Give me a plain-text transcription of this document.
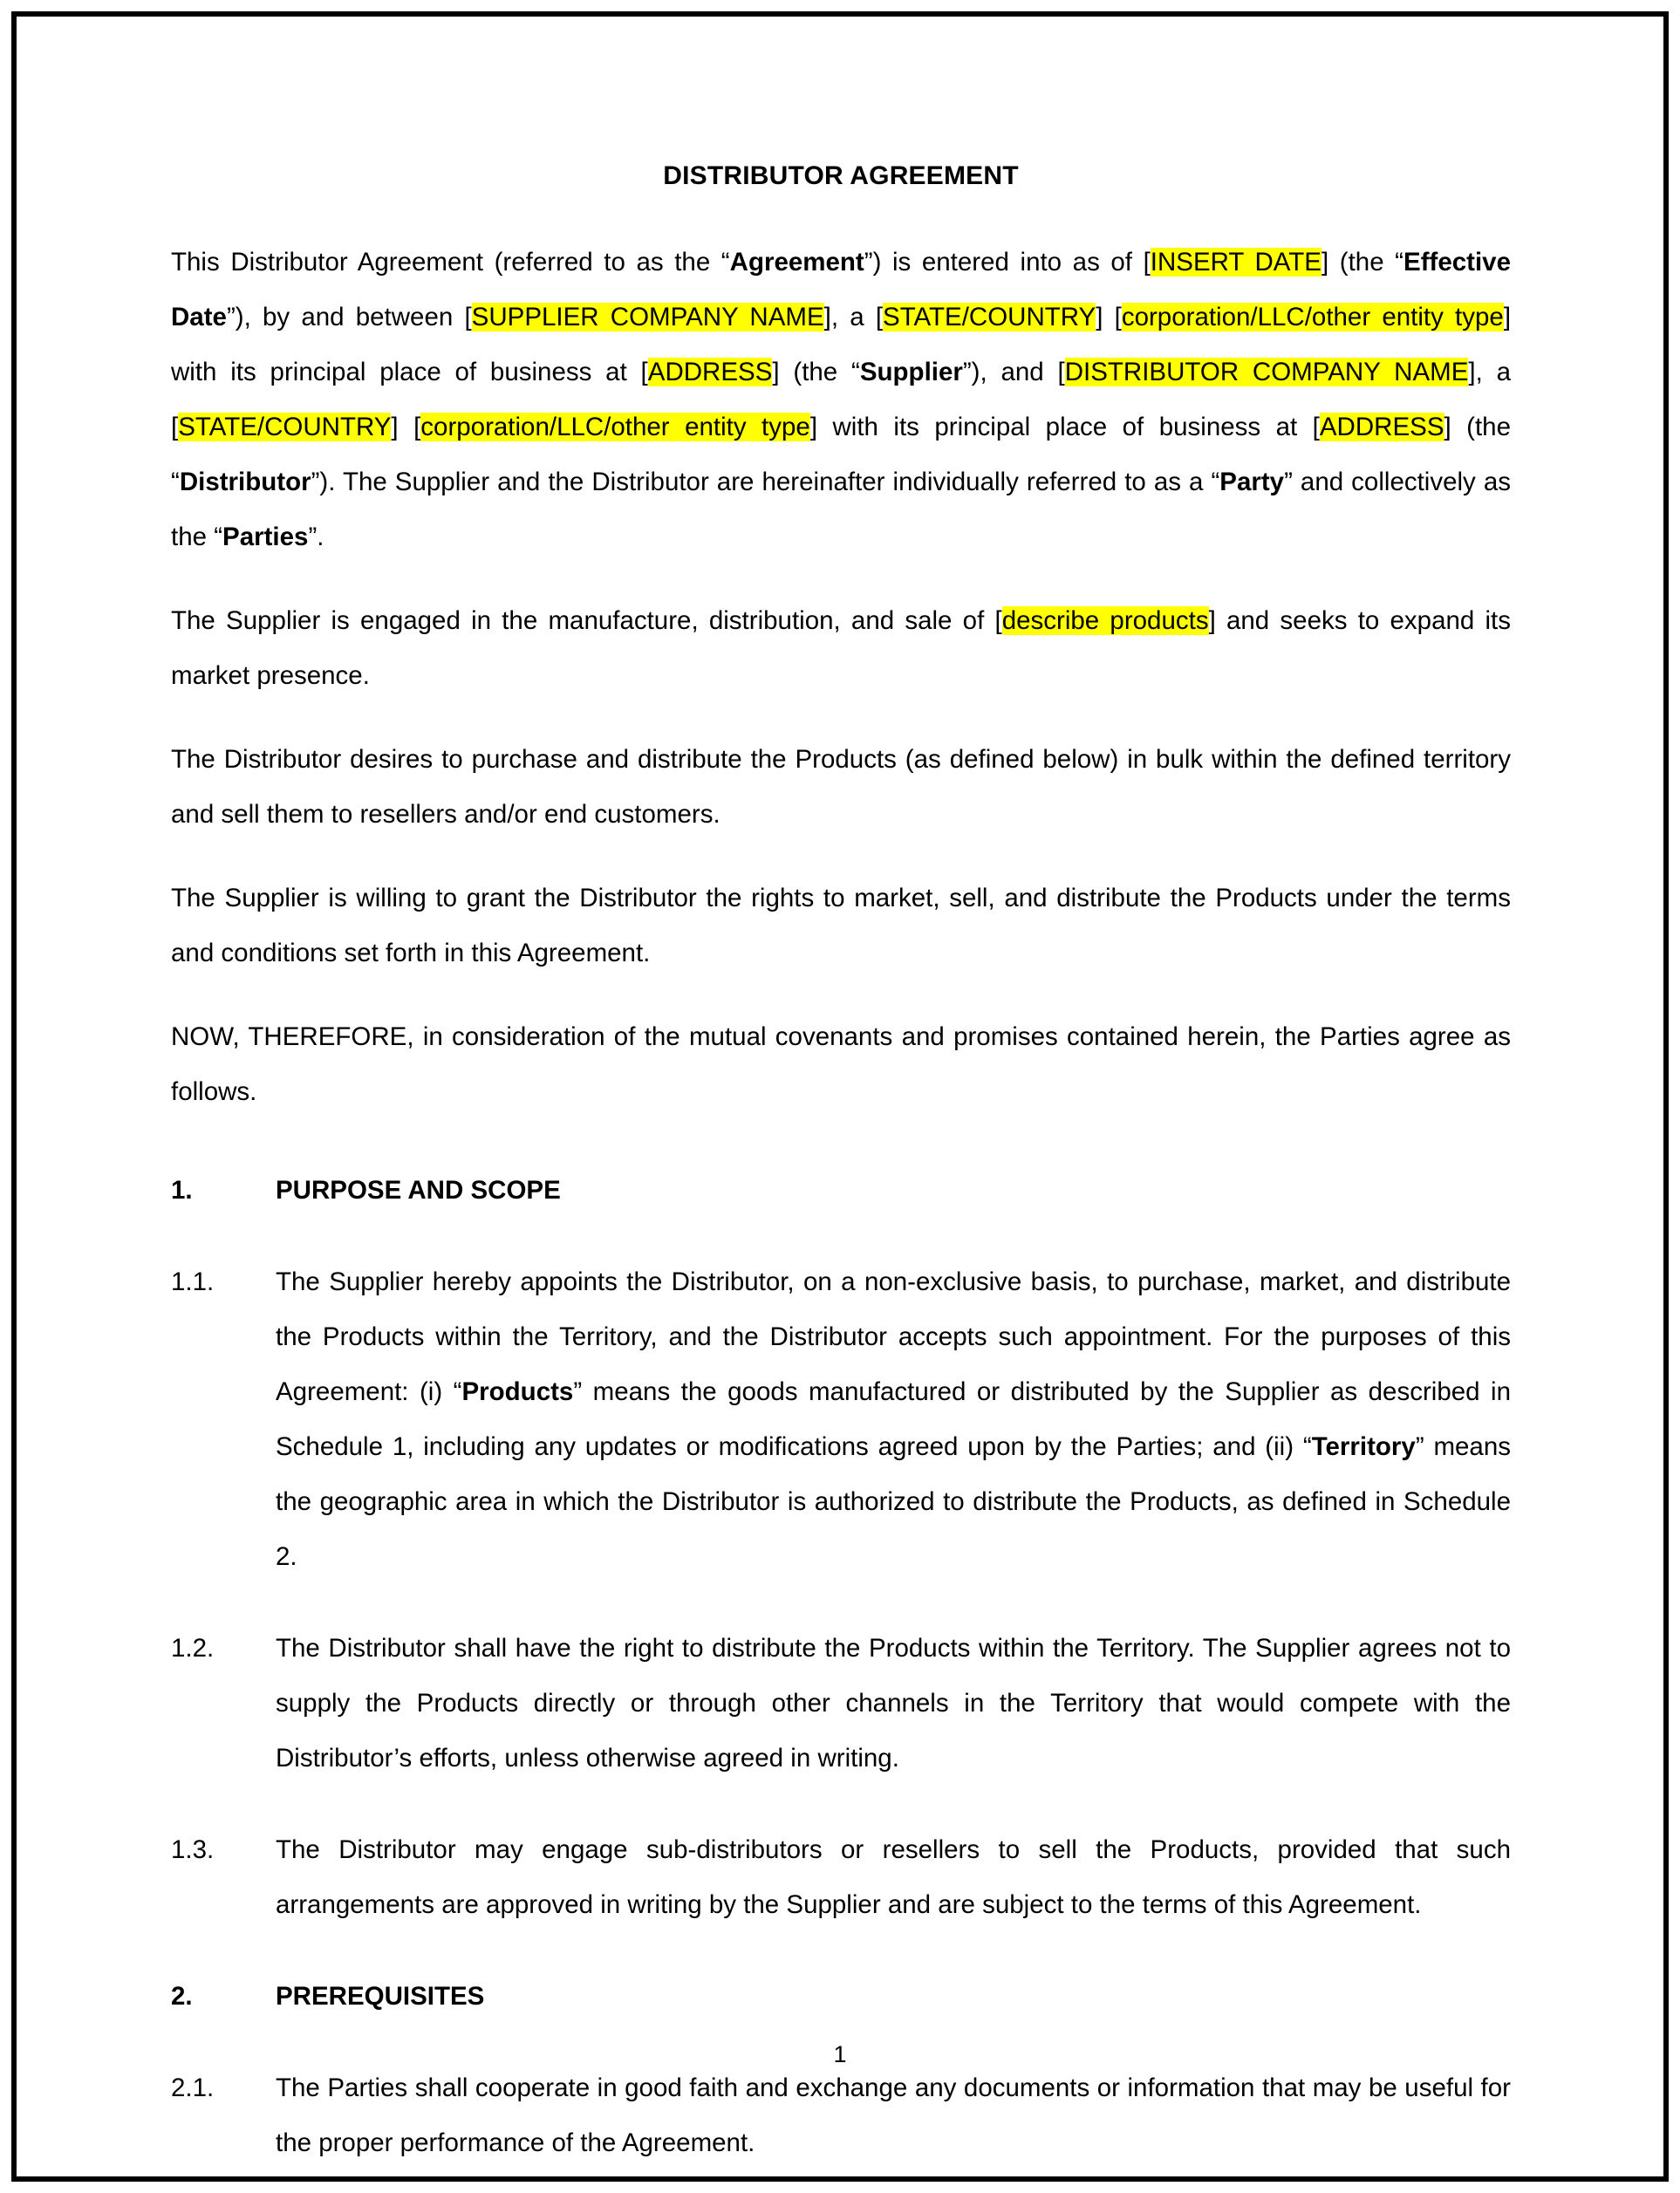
DISTRIBUTOR AGREEMENT

This Distributor Agreement (referred to as the “Agreement”) is entered into as of [INSERT DATE] (the “Effective Date”), by and between [SUPPLIER COMPANY NAME], a [STATE/COUNTRY] [corporation/LLC/other entity type] with its principal place of business at [ADDRESS] (the “Supplier”), and [DISTRIBUTOR COMPANY NAME], a [STATE/COUNTRY] [corporation/LLC/other entity type] with its principal place of business at [ADDRESS] (the “Distributor”). The Supplier and the Distributor are hereinafter individually referred to as a “Party” and collectively as the “Parties”.

The Supplier is engaged in the manufacture, distribution, and sale of [describe products] and seeks to expand its market presence.

The Distributor desires to purchase and distribute the Products (as defined below) in bulk within the defined territory and sell them to resellers and/or end customers.

The Supplier is willing to grant the Distributor the rights to market, sell, and distribute the Products under the terms and conditions set forth in this Agreement.

NOW, THEREFORE, in consideration of the mutual covenants and promises contained herein, the Parties agree as follows.

1.	PURPOSE AND SCOPE
1.1.	The Supplier hereby appoints the Distributor, on a non-exclusive basis, to purchase, market, and distribute the Products within the Territory, and the Distributor accepts such appointment. For the purposes of this Agreement: (i) “Products” means the goods manufactured or distributed by the Supplier as described in Schedule 1, including any updates or modifications agreed upon by the Parties; and (ii) “Territory” means the geographic area in which the Distributor is authorized to distribute the Products, as defined in Schedule 2.
1.2.	The Distributor shall have the right to distribute the Products within the Territory. The Supplier agrees not to supply the Products directly or through other channels in the Territory that would compete with the Distributor’s efforts, unless otherwise agreed in writing.
1.3.	The Distributor may engage sub-distributors or resellers to sell the Products, provided that such arrangements are approved in writing by the Supplier and are subject to the terms of this Agreement.
2.	PREREQUISITES
2.1.	The Parties shall cooperate in good faith and exchange any documents or information that may be useful for the proper performance of the Agreement.
1
